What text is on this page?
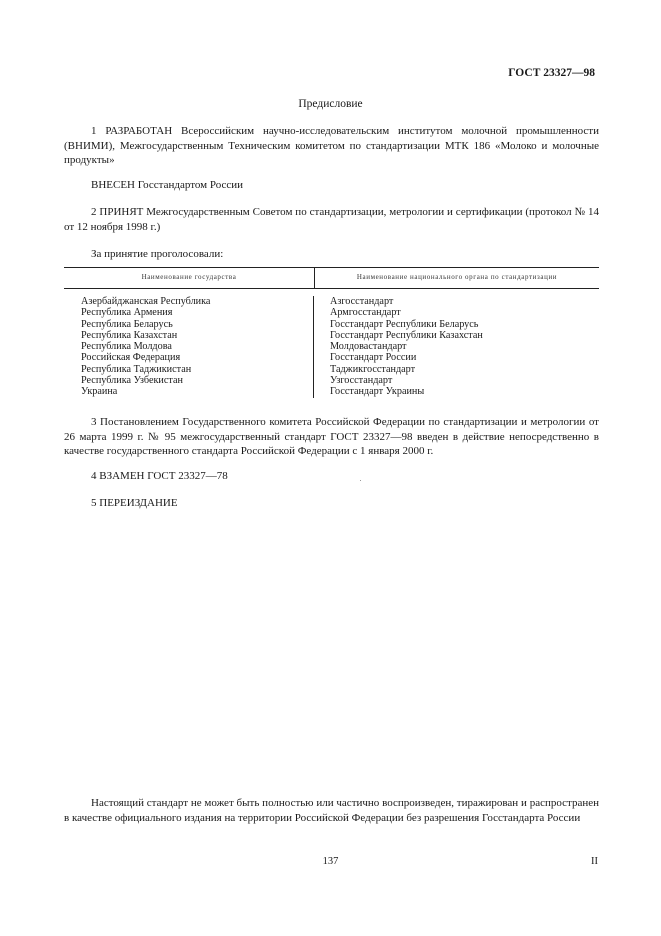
ГОСТ 23327—98
Предисловие

1 РАЗРАБОТАН Всероссийским научно-исследовательским институтом молочной промышленности (ВНИМИ), Межгосударственным Техническим комитетом по стандартизации МТК 186 «Молоко и молочные продукты»

ВНЕСЕН Госстандартом России

2 ПРИНЯТ Межгосударственным Советом по стандартизации, метрологии и сертификации (протокол № 14 от 12 ноября 1998 г.)

За принятие проголосовали:

Наименование государства	Наименование национального органа по стандартизации
Азербайджанская Республика
Республика Армения
Республика Беларусь
Республика Казахстан
Республика Молдова
Российская Федерация
Республика Таджикистан
Республика Узбекистан
Украина
Азгосстандарт
Армгосстандарт
Госстандарт Республики Беларусь
Госстандарт Республики Казахстан
Молдовастандарт
Госстандарт России
Таджикгосстандарт
Узгосстандарт
Госстандарт Украины

3 Постановлением Государственного комитета Российской Федерации по стандартизации и метрологии от 26 марта 1999 г. № 95 межгосударственный стандарт ГОСТ 23327—98 введен в действие непосредственно в качестве государственного стандарта Российской Федерации с 1 января 2000 г.

4 ВЗАМЕН ГОСТ 23327—78

5 ПЕРЕИЗДАНИЕ

Настоящий стандарт не может быть полностью или частично воспроизведен, тиражирован и распространен в качестве официального издания на территории Российской Федерации без разрешения Госстандарта России

137	II
